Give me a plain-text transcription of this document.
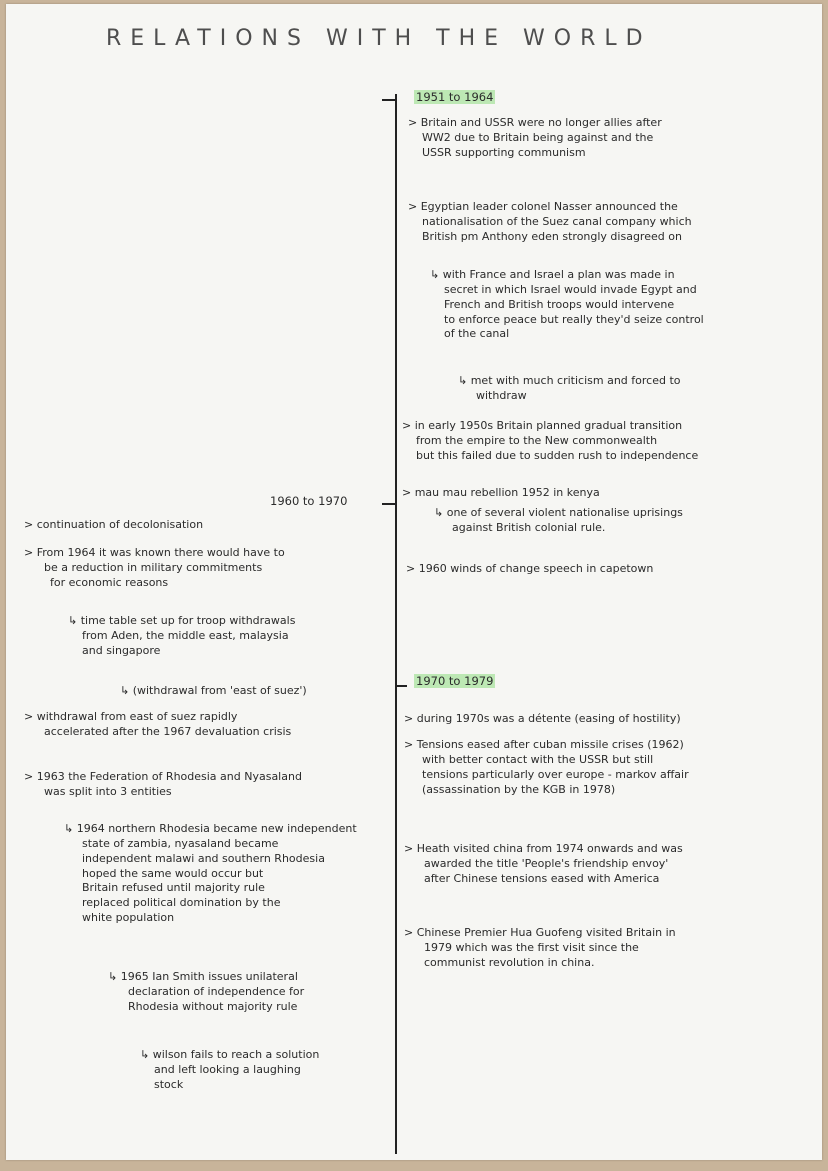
RELATIONS WITH THE WORLD
1951 to 1964
> Britain and USSR were no longer allies after
WW2 due to Britain being against and the
USSR supporting communism
> Egyptian leader colonel Nasser announced the
nationalisation of the Suez canal company which
British pm Anthony eden strongly disagreed on
↳ with France and Israel a plan was made in
secret in which Israel would invade Egypt and
French and British troops would intervene
to enforce peace but really they'd seize control
of the canal
↳ met with much criticism and forced to
withdraw
> in early 1950s Britain planned gradual transition
from the empire to the New commonwealth
but this failed due to sudden rush to independence
> mau mau rebellion 1952 in kenya
↳ one of several violent nationalise uprisings
against British colonial rule.
> 1960 winds of change speech in capetown
1970 to 1979
> during 1970s was a détente (easing of hostility)
> Tensions eased after cuban missile crises (1962)
with better contact with the USSR but still
tensions particularly over europe - markov affair
(assassination by the KGB in 1978)
> Heath visited china from 1974 onwards and was
awarded the title 'People's friendship envoy'
after Chinese tensions eased with America
> Chinese Premier Hua Guofeng visited Britain in
1979 which was the first visit since the
communist revolution in china.
1960 to 1970
> continuation of decolonisation
> From 1964 it was known there would have to
be a reduction in military commitments
for economic reasons
↳ time table set up for troop withdrawals
from Aden, the middle east, malaysia
and singapore
↳ (withdrawal from 'east of suez')
> withdrawal from east of suez rapidly
accelerated after the 1967 devaluation crisis
> 1963 the Federation of Rhodesia and Nyasaland
was split into 3 entities
↳ 1964 northern Rhodesia became new independent
state of zambia, nyasaland became
independent malawi and southern Rhodesia
hoped the same would occur but
Britain refused until majority rule
replaced political domination by the
white population
↳ 1965 Ian Smith issues unilateral
declaration of independence for
Rhodesia without majority rule
↳ wilson fails to reach a solution
and left looking a laughing
stock
